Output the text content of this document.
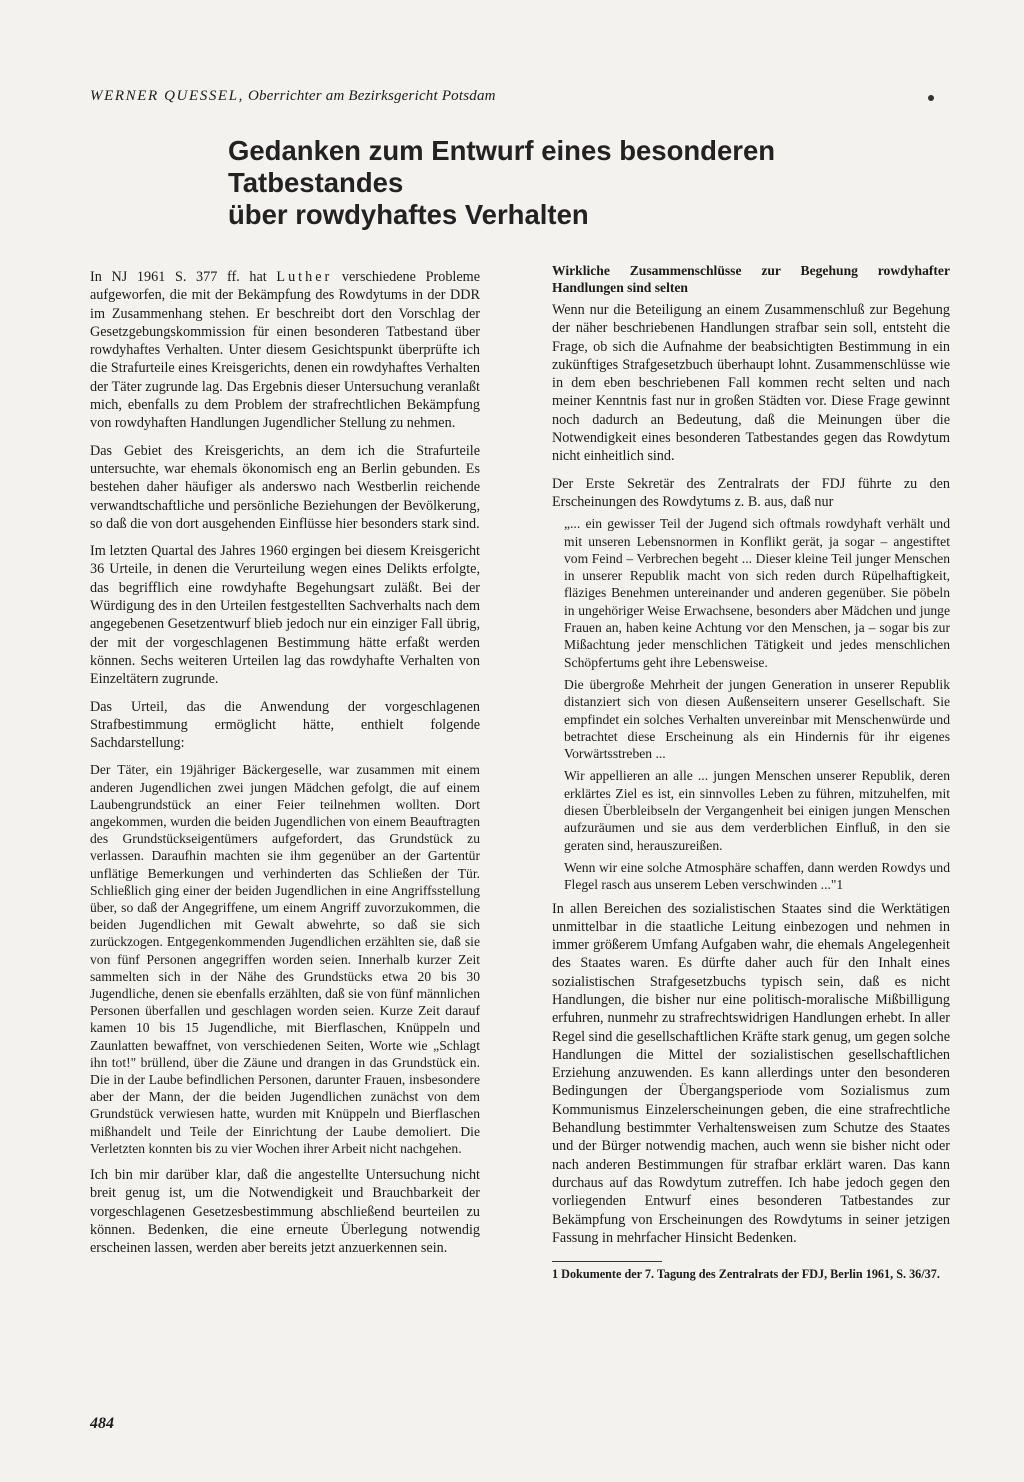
WERNER QUESSEL, Oberrichter am Bezirksgericht Potsdam
Gedanken zum Entwurf eines besonderen Tatbestandes
über rowdyhaftes Verhalten

In NJ 1961 S. 377 ff. hat Luther verschiedene Probleme aufgeworfen, die mit der Bekämpfung des Rowdytums in der DDR im Zusammenhang stehen. Er beschreibt dort den Vorschlag der Gesetzgebungskommission für einen besonderen Tatbestand über rowdyhaftes Verhalten. Unter diesem Gesichtspunkt überprüfte ich die Strafurteile eines Kreisgerichts, denen ein rowdyhaftes Verhalten der Täter zugrunde lag. Das Ergebnis dieser Untersuchung veranlaßt mich, ebenfalls zu dem Problem der strafrechtlichen Bekämpfung von rowdyhaften Handlungen Jugendlicher Stellung zu nehmen.

Das Gebiet des Kreisgerichts, an dem ich die Strafurteile untersuchte, war ehemals ökonomisch eng an Berlin gebunden. Es bestehen daher häufiger als anderswo nach Westberlin reichende verwandtschaftliche und persönliche Beziehungen der Bevölkerung, so daß die von dort ausgehenden Einflüsse hier besonders stark sind.

Im letzten Quartal des Jahres 1960 ergingen bei diesem Kreisgericht 36 Urteile, in denen die Verurteilung wegen eines Delikts erfolgte, das begrifflich eine rowdyhafte Begehungsart zuläßt. Bei der Würdigung des in den Urteilen festgestellten Sachverhalts nach dem angegebenen Gesetzentwurf blieb jedoch nur ein einziger Fall übrig, der mit der vorgeschlagenen Bestimmung hätte erfaßt werden können. Sechs weiteren Urteilen lag das rowdyhafte Verhalten von Einzeltätern zugrunde.

Das Urteil, das die Anwendung der vorgeschlagenen Strafbestimmung ermöglicht hätte, enthielt folgende Sachdarstellung:

Der Täter, ein 19jähriger Bäckergeselle, war zusammen mit einem anderen Jugendlichen zwei jungen Mädchen gefolgt, die auf einem Laubengrundstück an einer Feier teilnehmen wollten. Dort angekommen, wurden die beiden Jugendlichen von einem Beauftragten des Grundstückseigentümers aufgefordert, das Grundstück zu verlassen. Daraufhin machten sie ihm gegenüber an der Gartentür unflätige Bemerkungen und verhinderten das Schließen der Tür. Schließlich ging einer der beiden Jugendlichen in eine Angriffsstellung über, so daß der Angegriffene, um einem Angriff zuvorzukommen, die beiden Jugendlichen mit Gewalt abwehrte, so daß sie sich zurückzogen. Entgegenkommenden Jugendlichen erzählten sie, daß sie von fünf Personen angegriffen worden seien. Innerhalb kurzer Zeit sammelten sich in der Nähe des Grundstücks etwa 20 bis 30 Jugendliche, denen sie ebenfalls erzählten, daß sie von fünf männlichen Personen überfallen und geschlagen worden seien. Kurze Zeit darauf kamen 10 bis 15 Jugendliche, mit Bierflaschen, Knüppeln und Zaunlatten bewaffnet, von verschiedenen Seiten, Worte wie „Schlagt ihn tot!" brüllend, über die Zäune und drangen in das Grundstück ein. Die in der Laube befindlichen Personen, darunter Frauen, insbesondere aber der Mann, der die beiden Jugendlichen zunächst von dem Grundstück verwiesen hatte, wurden mit Knüppeln und Bierflaschen mißhandelt und Teile der Einrichtung der Laube demoliert. Die Verletzten konnten bis zu vier Wochen ihrer Arbeit nicht nachgehen.

Ich bin mir darüber klar, daß die angestellte Untersuchung nicht breit genug ist, um die Notwendigkeit und Brauchbarkeit der vorgeschlagenen Gesetzesbestimmung abschließend beurteilen zu können. Bedenken, die eine erneute Überlegung notwendig erscheinen lassen, werden aber bereits jetzt anzuerkennen sein.

Wirkliche Zusammenschlüsse zur Begehung rowdyhafter Handlungen sind selten

Wenn nur die Beteiligung an einem Zusammenschluß zur Begehung der näher beschriebenen Handlungen strafbar sein soll, entsteht die Frage, ob sich die Aufnahme der beabsichtigten Bestimmung in ein zukünftiges Strafgesetzbuch überhaupt lohnt. Zusammenschlüsse wie in dem eben beschriebenen Fall kommen recht selten und nach meiner Kenntnis fast nur in großen Städten vor. Diese Frage gewinnt noch dadurch an Bedeutung, daß die Meinungen über die Notwendigkeit eines besonderen Tatbestandes gegen das Rowdytum nicht einheitlich sind.

Der Erste Sekretär des Zentralrats der FDJ führte zu den Erscheinungen des Rowdytums z. B. aus, daß nur

„... ein gewisser Teil der Jugend sich oftmals rowdyhaft verhält und mit unseren Lebensnormen in Konflikt gerät, ja sogar – angestiftet vom Feind – Verbrechen begeht ... Dieser kleine Teil junger Menschen in unserer Republik macht von sich reden durch Rüpelhaftigkeit, fläziges Benehmen untereinander und anderen gegenüber. Sie pöbeln in ungehöriger Weise Erwachsene, besonders aber Mädchen und junge Frauen an, haben keine Achtung vor den Menschen, ja – sogar bis zur Mißachtung jeder menschlichen Tätigkeit und jedes menschlichen Schöpfertums geht ihre Lebensweise.

Die übergroße Mehrheit der jungen Generation in unserer Republik distanziert sich von diesen Außenseitern unserer Gesellschaft. Sie empfindet ein solches Verhalten unvereinbar mit Menschenwürde und betrachtet diese Erscheinung als ein Hindernis für ihr eigenes Vorwärtsstreben ...

Wir appellieren an alle ... jungen Menschen unserer Republik, deren erklärtes Ziel es ist, ein sinnvolles Leben zu führen, mitzuhelfen, mit diesen Überbleibseln der Vergangenheit bei einigen jungen Menschen aufzuräumen und sie aus dem verderblichen Einfluß, in den sie geraten sind, herauszureißen.

Wenn wir eine solche Atmosphäre schaffen, dann werden Rowdys und Flegel rasch aus unserem Leben verschwinden ..."1

In allen Bereichen des sozialistischen Staates sind die Werktätigen unmittelbar in die staatliche Leitung einbezogen und nehmen in immer größerem Umfang Aufgaben wahr, die ehemals Angelegenheit des Staates waren. Es dürfte daher auch für den Inhalt eines sozialistischen Strafgesetzbuchs typisch sein, daß es nicht Handlungen, die bisher nur eine politisch-moralische Mißbilligung erfuhren, nunmehr zu strafrechtswidrigen Handlungen erhebt. In aller Regel sind die gesellschaftlichen Kräfte stark genug, um gegen solche Handlungen die Mittel der sozialistischen gesellschaftlichen Erziehung anzuwenden. Es kann allerdings unter den besonderen Bedingungen der Übergangsperiode vom Sozialismus zum Kommunismus Einzelerscheinungen geben, die eine strafrechtliche Behandlung bestimmter Verhaltensweisen zum Schutze des Staates und der Bürger notwendig machen, auch wenn sie bisher nicht oder nach anderen Bestimmungen für strafbar erklärt waren. Das kann durchaus auf das Rowdytum zutreffen. Ich habe jedoch gegen den vorliegenden Entwurf eines besonderen Tatbestandes zur Bekämpfung von Erscheinungen des Rowdytums in seiner jetzigen Fassung in mehrfacher Hinsicht Bedenken.

1 Dokumente der 7. Tagung des Zentralrats der FDJ, Berlin 1961, S. 36/37.
484
